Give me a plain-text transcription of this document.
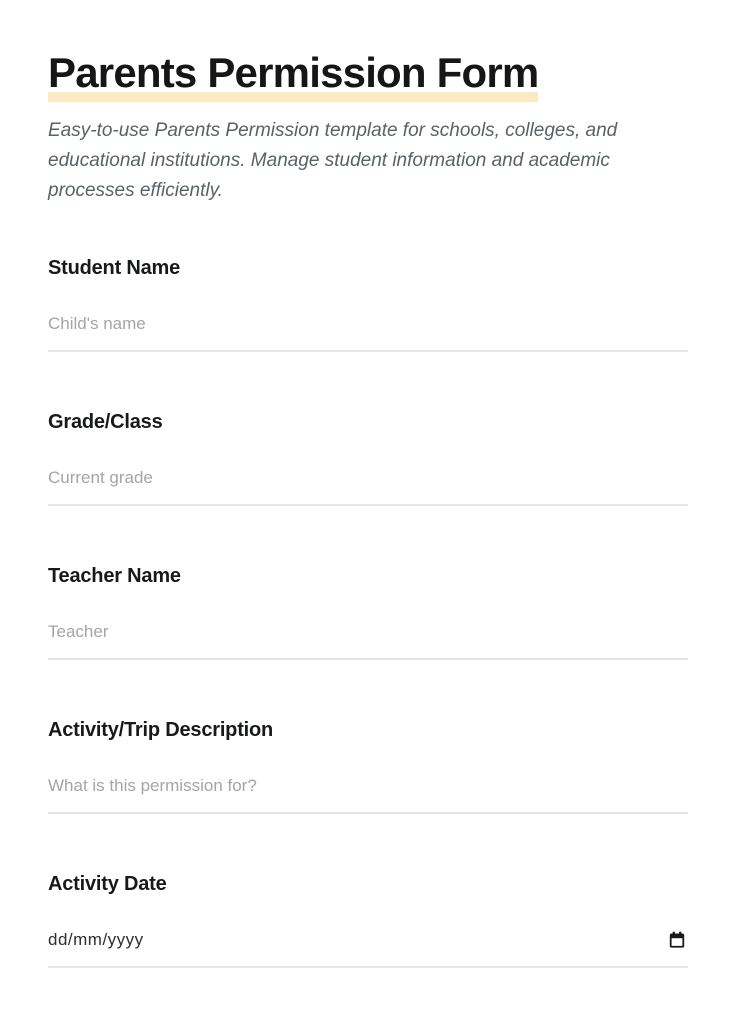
Parents Permission Form

Easy-to-use Parents Permission template for schools, colleges, and educational institutions. Manage student information and academic processes efficiently.

Student Name
Child's name
Grade/Class
Current grade
Teacher Name
Teacher
Activity/Trip Description
What is this permission for?
Activity Date
dd/mm/yyyy
